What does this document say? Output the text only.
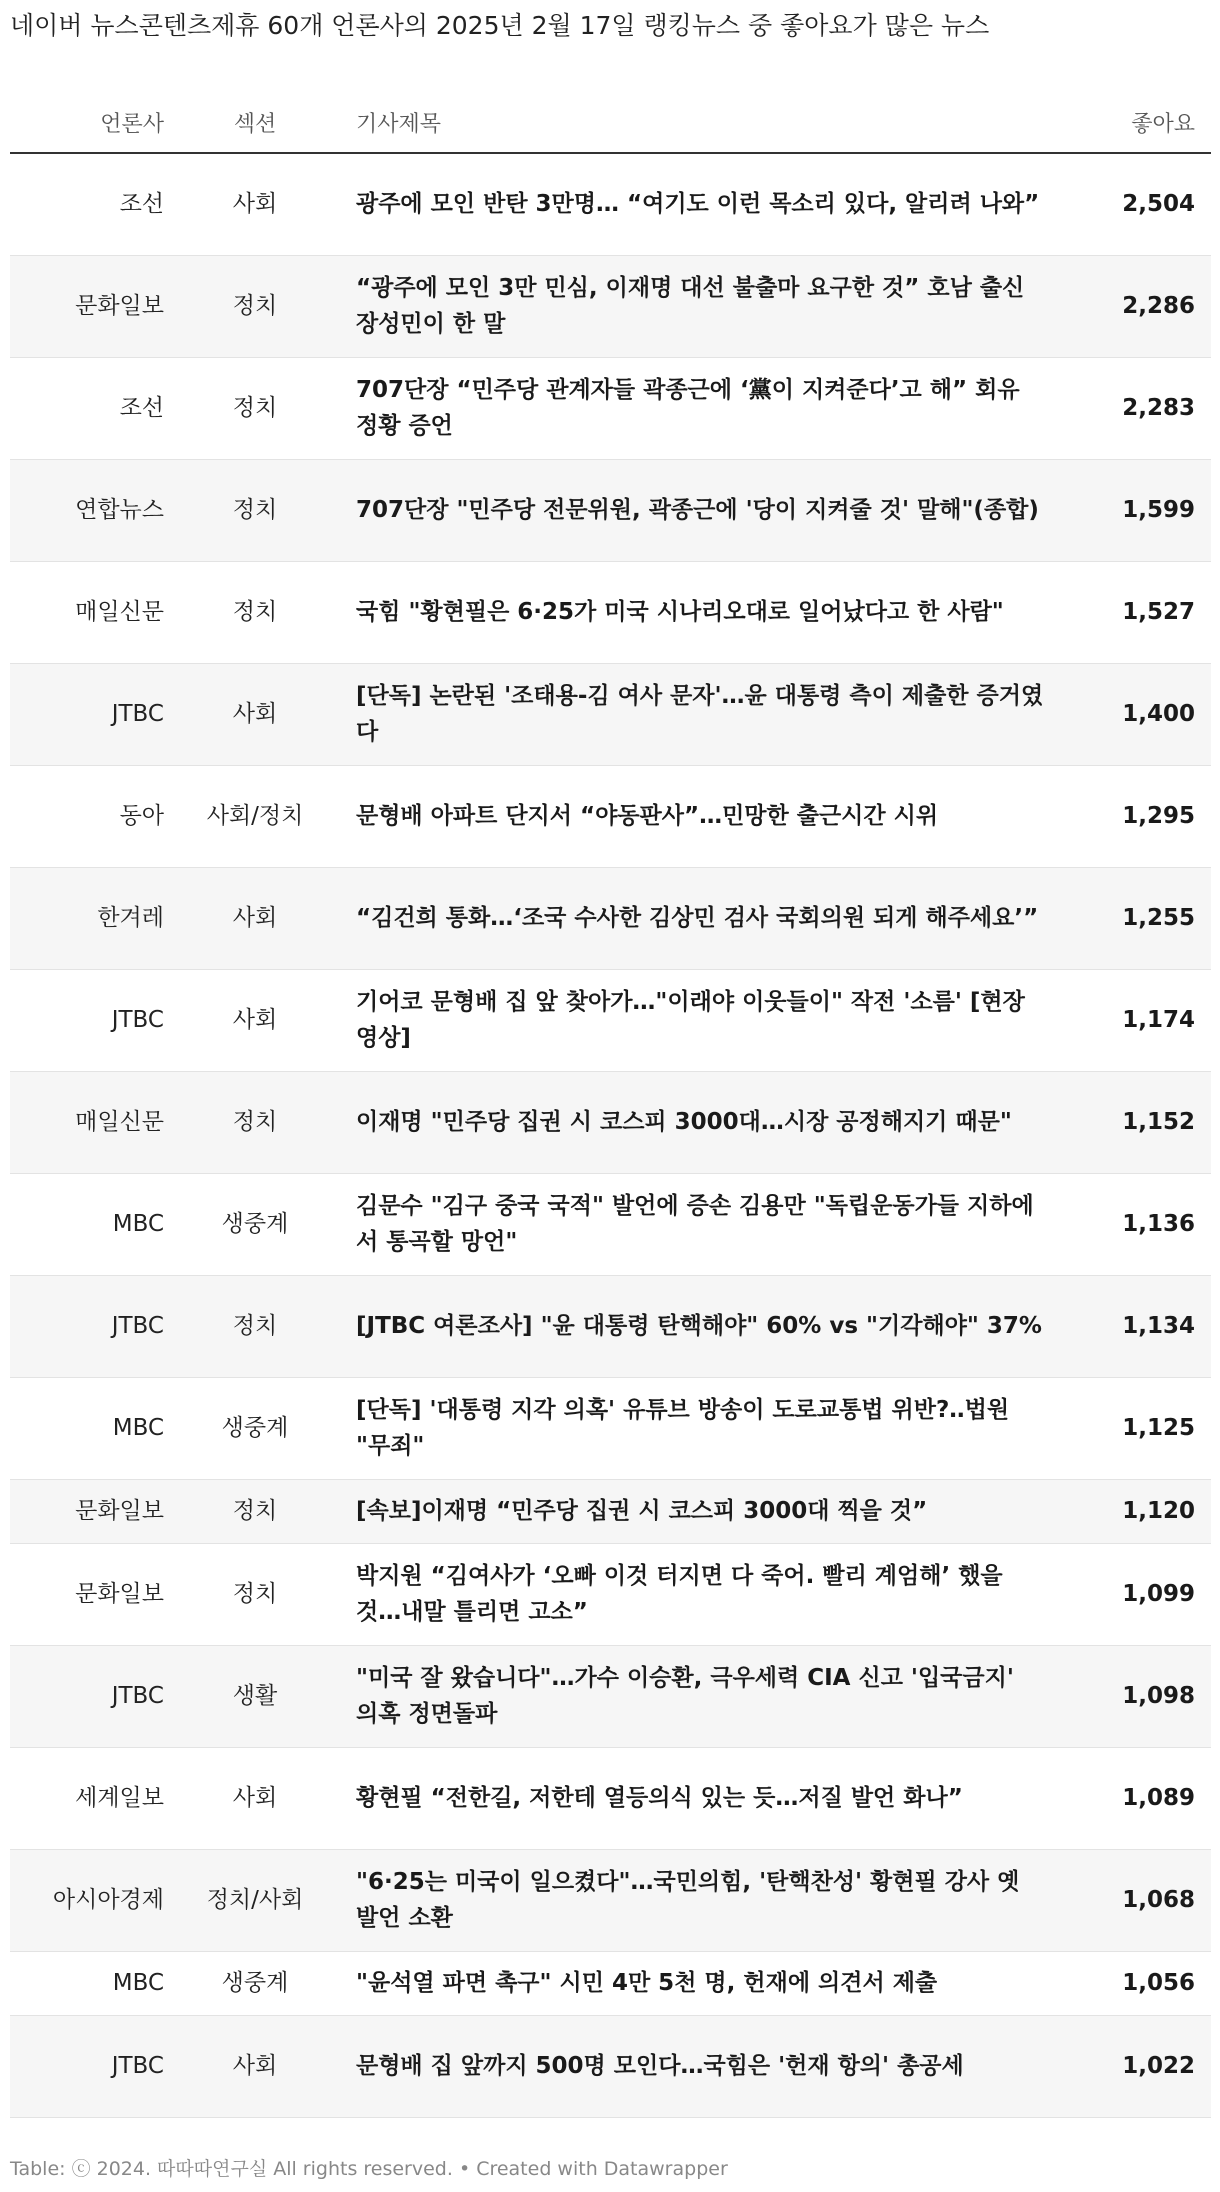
네이버 뉴스콘텐츠제휴 60개 언론사의 2025년 2월 17일 랭킹뉴스 중 좋아요가 많은 뉴스
언론사	섹션	기사제목	좋아요
조선	사회	광주에 모인 반탄 3만명… “여기도 이런 목소리 있다, 알리려 나와”	2,504
문화일보	정치	“광주에 모인 3만 민심, 이재명 대선 불출마 요구한 것” 호남 출신 장성민이 한 말	2,286
조선	정치	707단장 “민주당 관계자들 곽종근에 ‘黨이 지켜준다’고 해” 회유 정황 증언	2,283
연합뉴스	정치	707단장 "민주당 전문위원, 곽종근에 '당이 지켜줄 것' 말해"(종합)	1,599
매일신문	정치	국힘 "황현필은 6·25가 미국 시나리오대로 일어났다고 한 사람"	1,527
JTBC	사회	[단독] 논란된 '조태용-김 여사 문자'…윤 대통령 측이 제출한 증거였다	1,400
동아	사회/정치	문형배 아파트 단지서 “야동판사”…민망한 출근시간 시위	1,295
한겨레	사회	“김건희 통화…‘조국 수사한 김상민 검사 국회의원 되게 해주세요’”	1,255
JTBC	사회	기어코 문형배 집 앞 찾아가…"이래야 이웃들이" 작전 '소름' [현장영상]	1,174
매일신문	정치	이재명 "민주당 집권 시 코스피 3000대…시장 공정해지기 때문"	1,152
MBC	생중계	김문수 "김구 중국 국적" 발언에 증손 김용만 "독립운동가들 지하에서 통곡할 망언"	1,136
JTBC	정치	[JTBC 여론조사] "윤 대통령 탄핵해야" 60% vs "기각해야" 37%	1,134
MBC	생중계	[단독] '대통령 지각 의혹' 유튜브 방송이 도로교통법 위반?‥법원 "무죄"	1,125
문화일보	정치	[속보]이재명 “민주당 집권 시 코스피 3000대 찍을 것”	1,120
문화일보	정치	박지원 “김여사가 ‘오빠 이것 터지면 다 죽어. 빨리 계엄해’ 했을 것…내말 틀리면 고소”	1,099
JTBC	생활	"미국 잘 왔습니다"…가수 이승환, 극우세력 CIA 신고 '입국금지' 의혹 정면돌파	1,098
세계일보	사회	황현필 “전한길, 저한테 열등의식 있는 듯…저질 발언 화나”	1,089
아시아경제	정치/사회	"6·25는 미국이 일으켰다"…국민의힘, '탄핵찬성' 황현필 강사 옛 발언 소환	1,068
MBC	생중계	"윤석열 파면 촉구" 시민 4만 5천 명, 헌재에 의견서 제출	1,056
JTBC	사회	문형배 집 앞까지 500명 모인다…국힘은 '헌재 항의' 총공세	1,022
Table: ⓒ 2024. 따따따연구실 All rights reserved. • Created with Datawrapper
